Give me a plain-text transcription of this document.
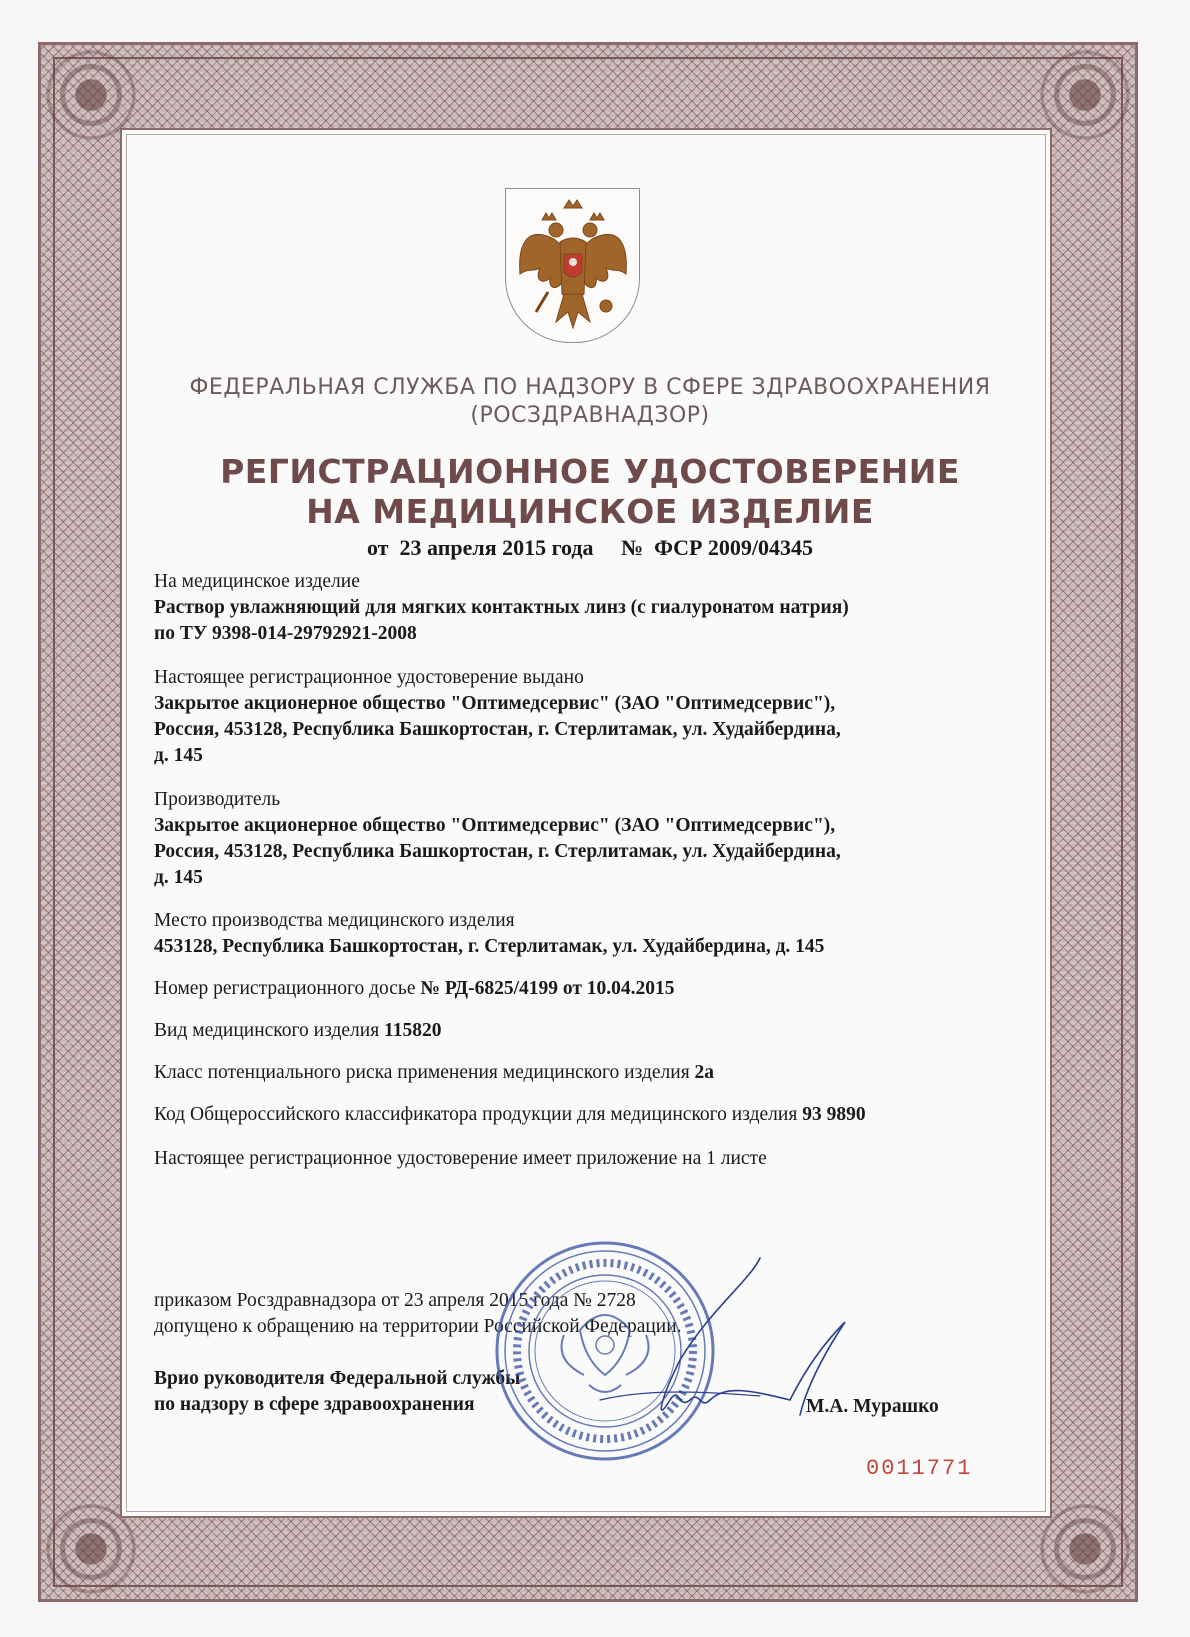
ФЕДЕРАЛЬНАЯ СЛУЖБА ПО НАДЗОРУ В СФЕРЕ ЗДРАВООХРАНЕНИЯ
(РОСЗДРАВНАДЗОР)
РЕГИСТРАЦИОННОЕ УДОСТОВЕРЕНИЕ
НА МЕДИЦИНСКОЕ ИЗДЕЛИЕ
от  23 апреля 2015 года № ФСР 2009/04345
На медицинское изделие
Раствор увлажняющий для мягких контактных линз (с гиалуронатом натрия)
по ТУ 9398-014-29792921-2008
Настоящее регистрационное удостоверение выдано
Закрытое акционерное общество "Оптимедсервис" (ЗАО "Оптимедсервис"),
Россия, 453128, Республика Башкортостан, г. Стерлитамак, ул. Худайбердина,
д. 145
Производитель
Закрытое акционерное общество "Оптимедсервис" (ЗАО "Оптимедсервис"),
Россия, 453128, Республика Башкортостан, г. Стерлитамак, ул. Худайбердина,
д. 145
Место производства медицинского изделия
453128, Республика Башкортостан, г. Стерлитамак, ул. Худайбердина, д. 145
Номер регистрационного досье № РД-6825/4199 от 10.04.2015
Вид медицинского изделия 115820
Класс потенциального риска применения медицинского изделия 2а
Код Общероссийского классификатора продукции для медицинского изделия 93 9890
Настоящее регистрационное удостоверение имеет приложение на 1 листе
приказом Росздравнадзора от 23 апреля 2015 года № 2728
допущено к обращению на территории Российской Федерации.
Врио руководителя Федеральной службы
по надзору в сфере здравоохранения	М.А. Мурашко
0011771
